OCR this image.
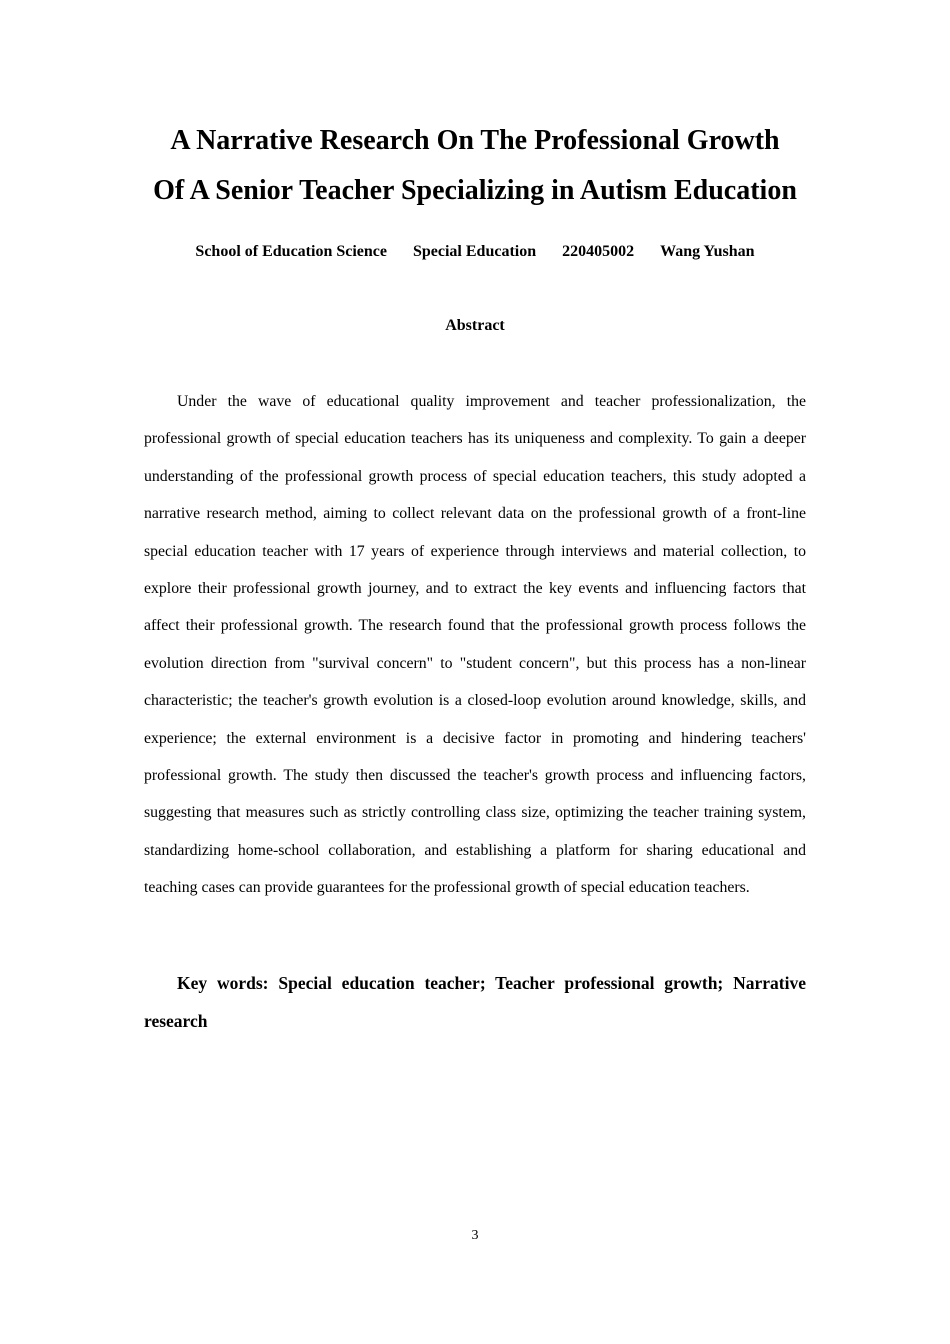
A Narrative Research On The Professional Growth
Of A Senior Teacher Specializing in Autism Education
School of Education Science Special Education 220405002 Wang Yushan
Abstract

Under the wave of educational quality improvement and teacher professionalization, the professional growth of special education teachers has its uniqueness and complexity. To gain a deeper understanding of the professional growth process of special education teachers, this study adopted a narrative research method, aiming to collect relevant data on the professional growth of a front-line special education teacher with 17 years of experience through interviews and material collection, to explore their professional growth journey, and to extract the key events and influencing factors that affect their professional growth. The research found that the professional growth process follows the evolution direction from "survival concern" to "student concern", but this process has a non-linear characteristic; the teacher's growth evolution is a closed-loop evolution around knowledge, skills, and experience; the external environment is a decisive factor in promoting and hindering teachers' professional growth. The study then discussed the teacher's growth process and influencing factors, suggesting that measures such as strictly controlling class size, optimizing the teacher training system, standardizing home-school collaboration, and establishing a platform for sharing educational and teaching cases can provide guarantees for the professional growth of special education teachers.

Key words: Special education teacher; Teacher professional growth; Narrative research

3
